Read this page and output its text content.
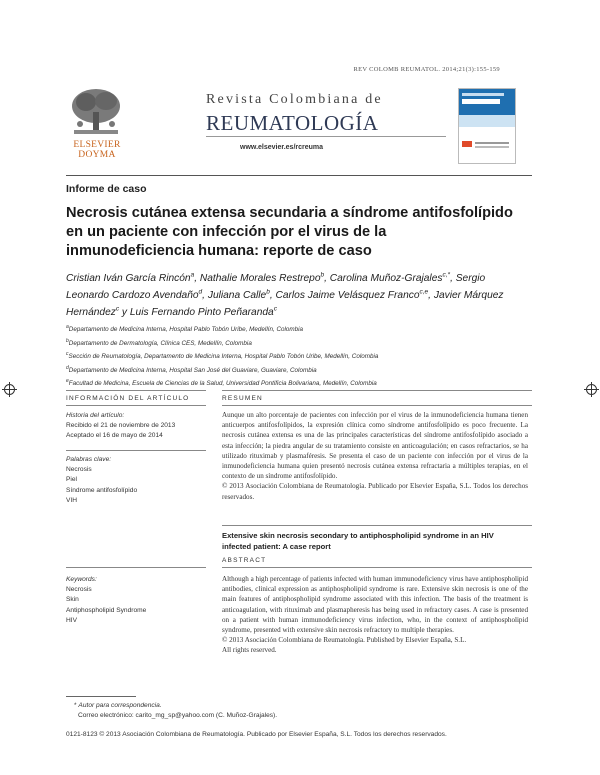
REV COLOMB REUMATOL. 2014;21(3):155-159
ELSEVIER
DOYMA
Revista Colombiana de
REUMATOLOGÍA
www.elsevier.es/rcreuma
Informe de caso
Necrosis cutánea extensa secundaria a síndrome antifosfolípido en un paciente con infección por el virus de la inmunodeficiencia humana: reporte de caso
Cristian Iván García Rincón$^a$, Nathalie Morales Restrepo$^b$, Carolina Muñoz-Grajales$^{c,*}$, Sergio Leonardo Cardozo Avendaño$^d$, Juliana Calle$^b$, Carlos Jaime Velásquez Franco$^{c,e}$, Javier Márquez Hernández$^c$ y Luis Fernando Pinto Peñaranda$^c$
$^a$Departamento de Medicina Interna, Hospital Pablo Tobón Uribe, Medellín, Colombia
$^b$Departamento de Dermatología, Clínica CES, Medellín, Colombia
$^c$Sección de Reumatología, Departamento de Medicina Interna, Hospital Pablo Tobón Uribe, Medellín, Colombia
$^d$Departamento de Medicina Interna, Hospital San José del Guaviare, Guaviare, Colombia
$^e$Facultad de Medicina, Escuela de Ciencias de la Salud, Universidad Pontificia Bolivariana, Medellín, Colombia
INFORMACIÓN DEL ARTÍCULO	RESUMEN
Historia del artículo:
Recibido el 21 de noviembre de 2013
Aceptado el 16 de mayo de 2014
Palabras clave:
Necrosis
Piel
Síndrome antifosfolípido
VIH
Aunque un alto porcentaje de pacientes con infección por el virus de la inmunodeficiencia humana tienen anticuerpos antifosfolípidos, la expresión clínica como síndrome antifosfolípido es poco frecuente. La necrosis cutánea extensa es una de las principales características del síndrome antifosfolípido asociado a esta infección; la piedra angular de su tratamiento consiste en anticoagulación; en casos refractarios, se ha utilizado rituximab y plasmaféresis. Se presenta el caso de un paciente con infección por el virus de la inmunodeficiencia humana quien presentó necrosis cutánea extensa refractaria a múltiples terapias, en el contexto de un síndrome antifosfolípido.
© 2013 Asociación Colombiana de Reumatología. Publicado por Elsevier España, S.L. Todos los derechos reservados.
Extensive skin necrosis secondary to antiphospholipid syndrome in an HIV infected patient: A case report
ABSTRACT
Keywords:
Necrosis
Skin
Antiphospholipid Syndrome
HIV
Although a high percentage of patients infected with human immunodeficiency virus have antiphospholipid antibodies, clinical expression as antiphospholipid syndrome is rare. Extensive skin necrosis is one of the main features of antiphospholipid syndrome associated with this infection. The basis of the treatment is anticoagulation, with rituximab and plasmapheresis has being used in refractory cases. A case is presented on a patient with human immunodeficiency virus infection, who, in the context of antiphospholipid syndrome, presented with extensive skin necrosis refractory to multiple therapies.
© 2013 Asociación Colombiana de Reumatología. Published by Elsevier España, S.L.
All rights reserved.
* Autor para correspondencia.
Correo electrónico: carito_mg_sp@yahoo.com (C. Muñoz-Grajales).
0121-8123 © 2013 Asociación Colombiana de Reumatología. Publicado por Elsevier España, S.L. Todos los derechos reservados.
